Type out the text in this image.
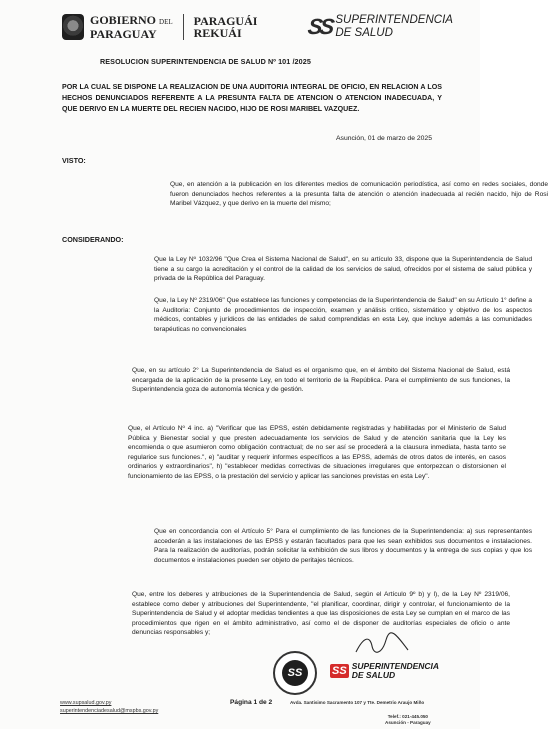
GOBIERNO DEL
PARAGUAY
PARAGUÁI
REKUÁI	SS SUPERINTENDENCIA
DE SALUD
RESOLUCION SUPERINTENDENCIA DE SALUD Nº 101 /2025
POR LA CUAL SE DISPONE LA REALIZACION DE UNA AUDITORIA INTEGRAL DE OFICIO, EN RELACION A LOS HECHOS DENUNCIADOS REFERENTE A LA PRESUNTA FALTA DE ATENCION O ATENCION INADECUADA, Y QUE DERIVO EN LA MUERTE DEL RECIEN NACIDO, HIJO DE ROSI MARIBEL VAZQUEZ.
Asunción, 01 de marzo de 2025
VISTO:
Que, en atención a la publicación en los diferentes medios de comunicación periodística, así como en redes sociales, donde fueron denunciados hechos referentes a la presunta falta de atención o atención inadecuada al recién nacido, hijo de Rosi Maribel Vázquez, y que derivo en la muerte del mismo;
CONSIDERANDO:
Que la Ley Nº 1032/96 "Que Crea el Sistema Nacional de Salud", en su artículo 33, dispone que la Superintendencia de Salud tiene a su cargo la acreditación y el control de la calidad de los servicios de salud, ofrecidos por el sistema de salud pública y privada de la República del Paraguay.
Que, la Ley Nº 2319/06" Que establece las funciones y competencias de la Superintendencia de Salud" en su Artículo 1° define a la Auditoria: Conjunto de procedimientos de inspección, examen y análisis crítico, sistemático y objetivo de los aspectos médicos, contables y jurídicos de las entidades de salud comprendidas en esta Ley, que incluye además a las comunidades terapéuticas no convencionales
Que, en su artículo 2° La Superintendencia de Salud es el organismo que, en el ámbito del Sistema Nacional de Salud, está encargada de la aplicación de la presente Ley, en todo el territorio de la República. Para el cumplimiento de sus funciones, la Superintendencia goza de autonomía técnica y de gestión.
Que, el Artículo Nº 4 inc. a) "Verificar que las EPSS, estén debidamente registradas y habilitadas por el Ministerio de Salud Pública y Bienestar social y que presten adecuadamente los servicios de Salud y de atención sanitaria que la Ley les encomienda o que asumieron como obligación contractual; de no ser así se procederá a la clausura inmediata, hasta tanto se regularice sus funciones.", e) "auditar y requerir informes específicos a las EPSS, además de otros datos de interés, en casos ordinarios y extraordinarios", h) "establecer medidas correctivas de situaciones irregulares que entorpezcan o distorsionen el funcionamiento de las EPSS, o la prestación del servicio y aplicar las sanciones previstas en esta Ley".
Que en concordancia con el Artículo 5° Para el cumplimiento de las funciones de la Superintendencia: a) sus representantes accederán a las instalaciones de las EPSS y estarán facultados para que les sean exhibidos sus documentos e instalaciones. Para la realización de auditorías, podrán solicitar la exhibición de sus libros y documentos y la entrega de sus copias y que los documentos e instalaciones pueden ser objeto de peritajes técnicos.
Que, entre los deberes y atribuciones de la Superintendencia de Salud, según el Artículo 9º b) y l), de la Ley Nº 2319/06, establece como deber y atribuciones del Superintendente, "el planificar, coordinar, dirigir y controlar, el funcionamiento de la Superintendencia de Salud y el adoptar medidas tendientes a que las disposiciones de esta Ley se cumplan en el marco de las procedimientos que rigen en el ámbito administrativo, así como el de disponer de auditorías especiales de oficio o ante denuncias responsables y;
SS	SS SUPERINTENDENCIA
DE SALUD
www.supsalud.gov.py
superintendenciadesalud@mspbs.gov.py
Página 1 de 2	Avda. Santisimo Sacramento 107 y Tte. Demetrio Araujo Miño
Telef.: 021-445.050
Asunción - Paraguay
